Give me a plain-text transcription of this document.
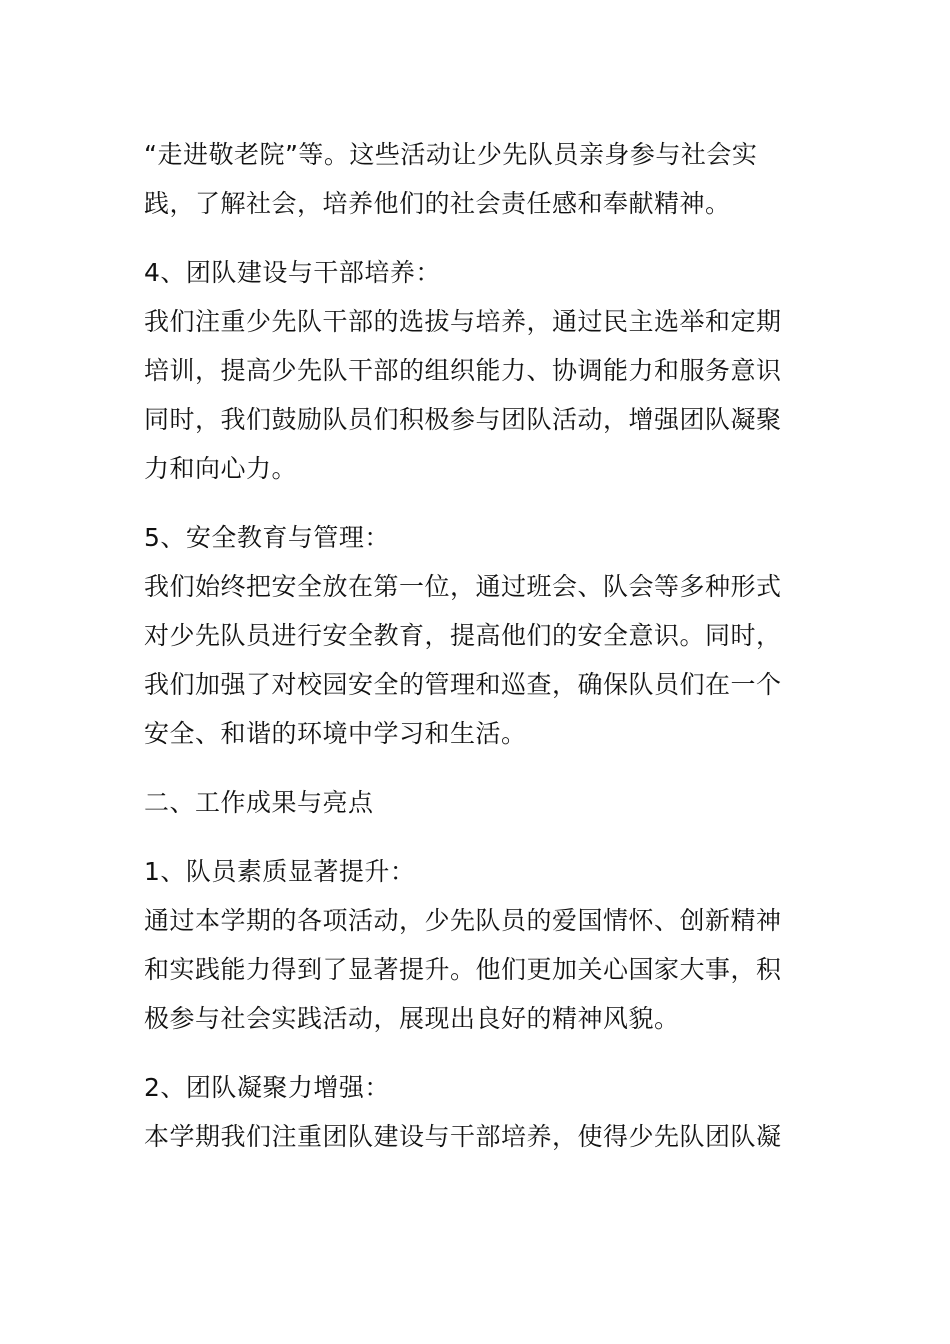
“走进敬老院”等。这些活动让少先队员亲身参与社会实
践，了解社会，培养他们的社会责任感和奉献精神。
4、团队建设与干部培养：
我们注重少先队干部的选拔与培养，通过民主选举和定期
培训，提高少先队干部的组织能力、协调能力和服务意识
同时，我们鼓励队员们积极参与团队活动，增强团队凝聚
力和向心力。
5、安全教育与管理：
我们始终把安全放在第一位，通过班会、队会等多种形式
对少先队员进行安全教育，提高他们的安全意识。同时，
我们加强了对校园安全的管理和巡查，确保队员们在一个
安全、和谐的环境中学习和生活。
二、工作成果与亮点
1、队员素质显著提升：
通过本学期的各项活动，少先队员的爱国情怀、创新精神
和实践能力得到了显著提升。他们更加关心国家大事，积
极参与社会实践活动，展现出良好的精神风貌。
2、团队凝聚力增强：
本学期我们注重团队建设与干部培养，使得少先队团队凝
